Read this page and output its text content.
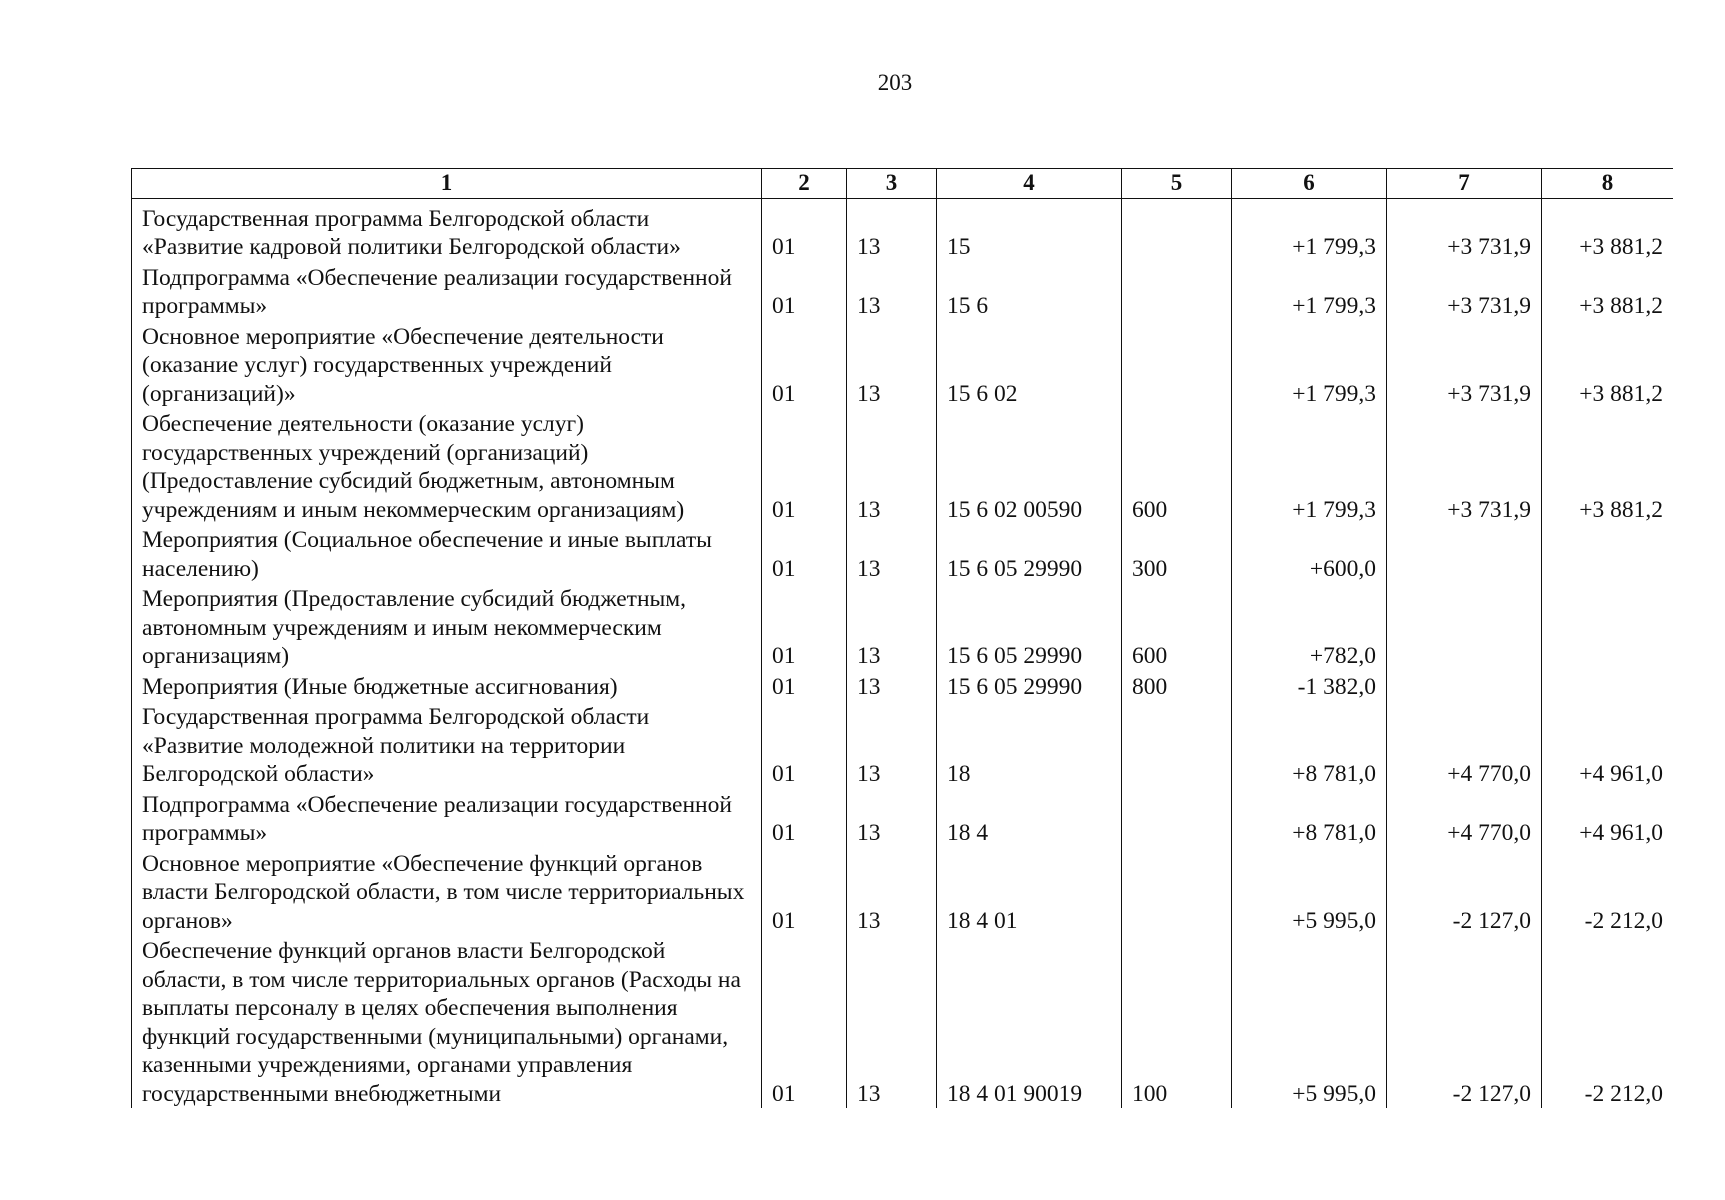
203
1	2	3	4	5	6	7	8
Государственная программа Белгородской области «Развитие кадровой политики Белгородской области»	01	13	15		+1 799,3	+3 731,9	+3 881,2
Подпрограмма «Обеспечение реализации государственной программы»	01	13	15 6		+1 799,3	+3 731,9	+3 881,2
Основное мероприятие «Обеспечение деятельности (оказание услуг) государственных учреждений (организаций)»	01	13	15 6 02		+1 799,3	+3 731,9	+3 881,2
Обеспечение деятельности (оказание услуг) государственных учреждений (организаций) (Предоставление субсидий бюджетным, автономным учреждениям и иным некоммерческим организациям)	01	13	15 6 02 00590	600	+1 799,3	+3 731,9	+3 881,2
Мероприятия (Социальное обеспечение и иные выплаты населению)	01	13	15 6 05 29990	300	+600,0		
Мероприятия (Предоставление субсидий бюджетным, автономным учреждениям и иным некоммерческим организациям)	01	13	15 6 05 29990	600	+782,0		
Мероприятия (Иные бюджетные ассигнования)	01	13	15 6 05 29990	800	-1 382,0		
Государственная программа Белгородской области «Развитие молодежной политики на территории Белгородской области»	01	13	18		+8 781,0	+4 770,0	+4 961,0
Подпрограмма «Обеспечение реализации государственной программы»	01	13	18 4		+8 781,0	+4 770,0	+4 961,0
Основное мероприятие «Обеспечение функций органов власти Белгородской области, в том числе территориальных органов»	01	13	18 4 01		+5 995,0	-2 127,0	-2 212,0
Обеспечение функций органов власти Белгородской области, в том числе территориальных органов (Расходы на выплаты персоналу в целях обеспечения выполнения функций государственными (муниципальными) органами, казенными учреждениями, органами управления государственными внебюджетными	01	13	18 4 01 90019	100	+5 995,0	-2 127,0	-2 212,0
